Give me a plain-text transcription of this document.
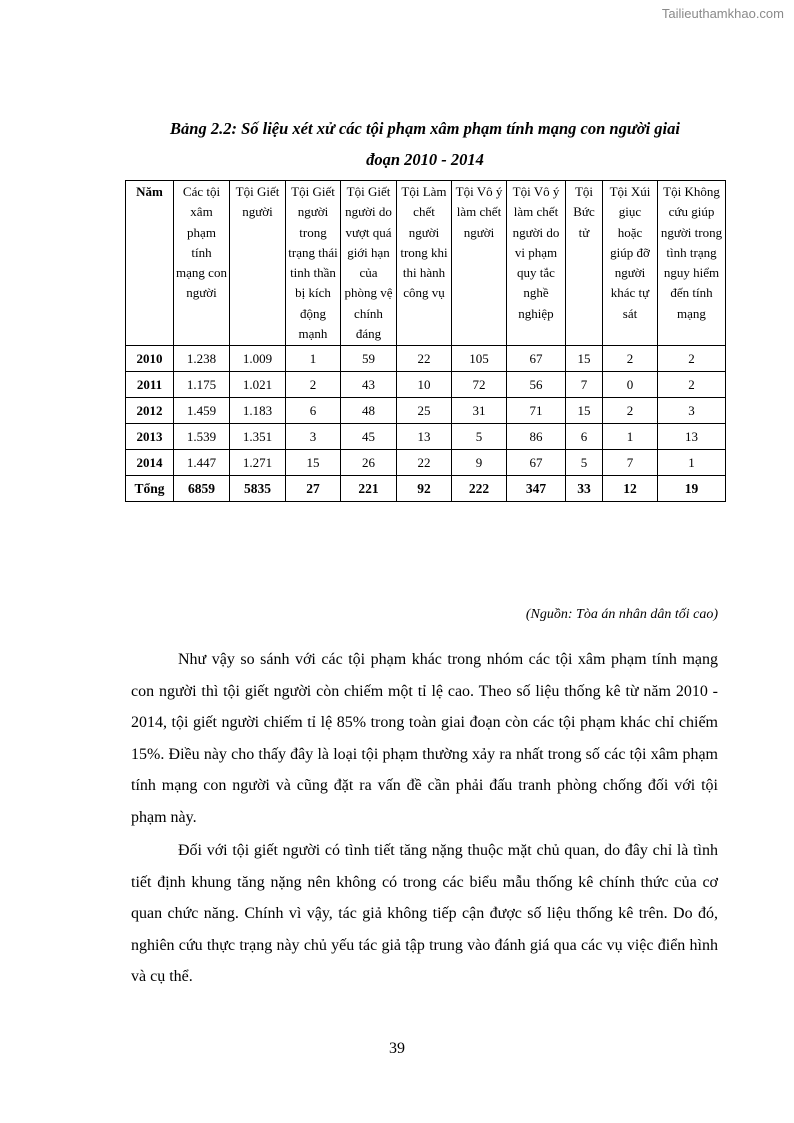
Tailieuthamkhao.com
Bảng 2.2: Số liệu xét xử các tội phạm xâm phạm tính mạng con người giai
đoạn 2010 - 2014
Năm	Các tội xâm phạm tính mạng con người	Tội Giết người	Tội Giết người trong trạng thái tinh thần bị kích động mạnh	Tội Giết người do vượt quá giới hạn của phòng vệ chính đáng	Tội Làm chết người trong khi thi hành công vụ	Tội Vô ý làm chết người	Tội Vô ý làm chết người do vi phạm quy tắc nghề nghiệp	Tội Bức tử	Tội Xúi giục hoặc giúp đỡ người khác tự sát	Tội Không cứu giúp người trong tình trạng nguy hiểm đến tính mạng
2010	1.238	1.009	1	59	22	105	67	15	2	2
2011	1.175	1.021	2	43	10	72	56	7	0	2
2012	1.459	1.183	6	48	25	31	71	15	2	3
2013	1.539	1.351	3	45	13	5	86	6	1	13
2014	1.447	1.271	15	26	22	9	67	5	7	1
Tổng	6859	5835	27	221	92	222	347	33	12	19
(Nguồn: Tòa án nhân dân tối cao)

Như vậy so sánh với các tội phạm khác trong nhóm các tội xâm phạm tính mạng con người thì tội giết người còn chiếm một tỉ lệ cao. Theo số liệu thống kê từ năm 2010 - 2014, tội giết người chiếm tỉ lệ 85% trong toàn giai đoạn còn các tội phạm khác chỉ chiếm 15%. Điều này cho thấy đây là loại tội phạm thường xảy ra nhất trong số các tội xâm phạm tính mạng con người và cũng đặt ra vấn đề cần phải đấu tranh phòng chống đối với tội phạm này.

Đối với tội giết người có tình tiết tăng nặng thuộc mặt chủ quan, do đây chỉ là tình tiết định khung tăng nặng nên không có trong các biểu mẫu thống kê chính thức của cơ quan chức năng. Chính vì vậy, tác giả không tiếp cận được số liệu thống kê trên. Do đó, nghiên cứu thực trạng này chủ yếu tác giả tập trung vào đánh giá qua các vụ việc điển hình và cụ thể.

39
